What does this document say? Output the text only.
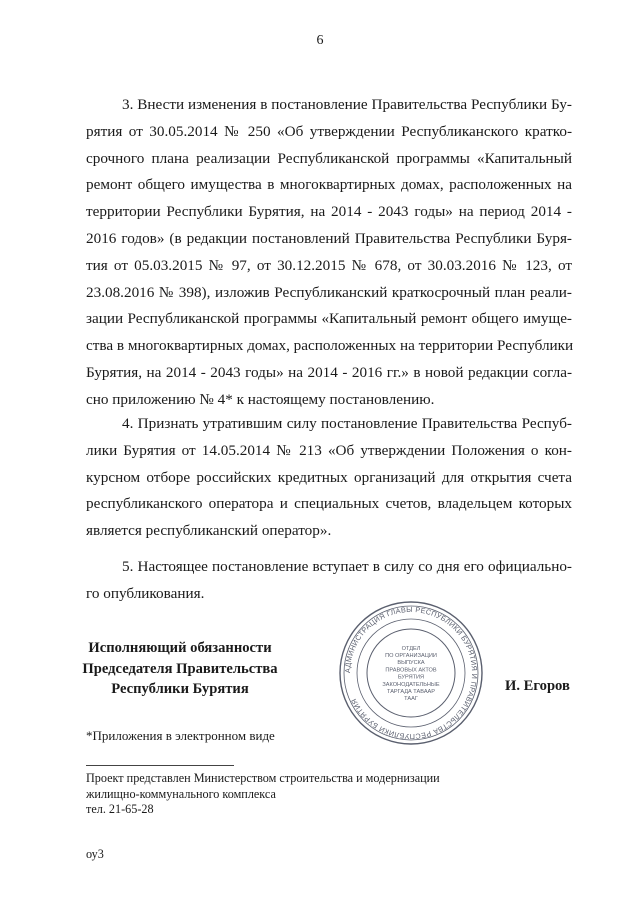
6
3. Внести изменения в постановление Правительства Республики Бу-
рятия от 30.05.2014 № 250 «Об утверждении Республиканского кратко-
срочного плана реализации Республиканской программы «Капитальный
ремонт общего имущества в многоквартирных домах, расположенных на
территории Республики Бурятия, на 2014 - 2043 годы» на период 2014 -
2016 годов» (в редакции постановлений Правительства Республики Буря-
тия от 05.03.2015 № 97, от 30.12.2015 № 678, от 30.03.2016 № 123, от
23.08.2016 № 398), изложив Республиканский краткосрочный план реали-
зации Республиканской программы «Капитальный ремонт общего имуще-
ства в многоквартирных домах, расположенных на территории Республики
Бурятия, на 2014 - 2043 годы» на 2014 - 2016 гг.» в новой редакции согла-
сно приложению № 4* к настоящему постановлению.
4. Признать утратившим силу постановление Правительства Респуб-
лики Бурятия от 14.05.2014 № 213 «Об утверждении Положения о кон-
курсном отборе российских кредитных организаций для открытия счета
республиканского оператора и специальных счетов, владельцем которых
является республиканский оператор».
5. Настоящее постановление вступает в силу со дня его официально-
го опубликования.
Исполняющий обязанности
Председателя Правительства
Республики Бурятия
АДМИНИСТРАЦИЯ ГЛАВЫ РЕСПУБЛИКИ БУРЯТИЯ И ПРАВИТЕЛЬСТВА РЕСПУБЛИКИ БУРЯТИЯ
ОТДЕЛ
ПО ОРГАНИЗАЦИИ
ВЫПУСКА
ПРАВОВЫХ АКТОВ
БУРЯТИЯ
ЗАКОНОДАТЕЛЬНЫЕ
ТАРГАДА ТАВААР
ТААГ
И. Егоров
*Приложения в электронном виде
Проект представлен Министерством строительства и модернизации
жилищно-коммунального комплекса
тел. 21-65-28
оу3
